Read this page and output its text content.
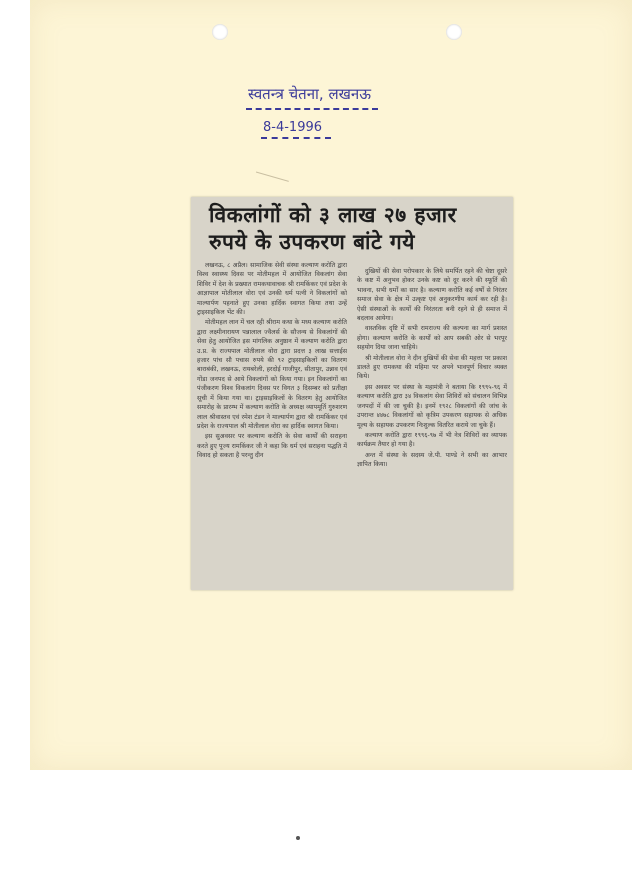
स्वतन्त्र चेतना, लखनऊ
8-4-1996
विकलांगों को ३ लाख २७ हजार
रुपये के उपकरण बांटे गये

लखनऊ, ८ अप्रैल। सामाजिक सेवी संस्था कल्याण करोति द्वारा विश्व स्वास्थ्य दिवस पर मोतीमहल में आयोजित विकलांग सेवा शिविर में देश के प्रख्यात रामकथावाचक श्री रामकिंकर एवं प्रदेश के आज्ञापाल मोतीलाल वोरा एवं उनकी धर्म पत्नी ने विकलांगों को माल्यार्पण पहनाते हुए उनका हार्दिक स्वागत किया तथा उन्हें ट्राइसाइकिल भेंट की।

मोतीमहल लान में चल रही श्रीराम कथा के मध्य कल्याण करोति द्वारा लक्ष्मीनारायण पन्नालाल ज्वैलर्स के सौजन्य से विकलांगों की सेवा हेतु आयोजित इस मांगलिक अनुष्ठान में कल्याण करोति द्वारा उ.प्र. के राज्यपाल मोतीलाल वोरा द्वारा प्रदत्त ३ लाख सत्ताईस हजार पांच सौ पचास रुपये की ९२ ट्राइसाइकिलों का वितरण बाराबंकी, लखनऊ, रायबरेली, हरदोई गाजीपुर, सीतापुर, उन्नाव एवं गोंडा जनपद से आये विकलांगों को किया गया। इन विकलांगों का पंजीकरण विश्व विकलांग दिवस पर विगत ३ दिसम्बर को प्रतीक्षा सूची में किया गया था। ट्राइसाइकिलों के वितरण हेतु आयोजित समारोह के प्रारम्भ में कल्याण करोति के अध्यक्ष व्यापमूर्ति गुरुशरण लाल श्रीवास्तव एवं रमेश टंडन ने माल्यार्पण द्वारा श्री रामकिंकर एवं प्रदेश के राज्यपाल श्री मोतीलाल वोरा का हार्दिक स्वागत किया।

इस सुअवसर पर कल्याण करोति के सेवा कार्यों की सराहना करते हुए पूज्य रामकिंकर जी ने कहा कि धर्म एवं सराहना पद्धति में विवाद हो सकता है परन्तु दीन

दुखियों की सेवा परोपकार के लिये समर्पित रहने की चेष्टा दूसरे के कष्ट में अनुभव होकर उनके कष्ट को दूर करने की स्फूर्ति की भावना, सभी धर्मों का सार है। कल्याण करोति कई वर्षों से निरंतर समाज सेवा के क्षेत्र में उत्कृष्ट एवं अनुकरणीय कार्य कर रही है। ऐसी संस्थाओं के कार्यों की निरंतरता बनी रहने से ही समाज में बदलाव आयेगा।

वास्तविक दृष्टि में सभी रामराज्य की कल्पना का मार्ग प्रशस्त होगा। कल्याण करोति के कार्यों को आप सबकी ओर से भरपूर सहयोग दिया जाना चाहिये।

श्री मोतीलाल वोरा ने दीन दुखियों की सेवा की महत्ता पर प्रकाश डालते हुए रामकथा की महिमा पर अपने भावपूर्ण विचार व्यक्त किये।

इस अवसर पर संस्था के महामंत्री ने बताया कि १९९५-९६ में कल्याण करोति द्वारा ३४ विकलांग सेवा शिविरों को संचालन विभिन्न जनपदों में की जा चुकी है। इनमें १९२८ विकलांगों की जांच के उपरान्त ४४७८ विकलांगों को कृत्रिम उपकरण सहायक से अधिक मूल्य के सहायक उपकरण निःशुल्क वितरित कराये जा चुके हैं।

कल्याण करोति द्वारा १९९६-९७ में भी नेत्र शिविरों का व्यापक कार्यक्रम तैयार हो गया है।

अन्त में संस्था के सदस्य जे.पी. पाण्डे ने सभी का आभार ज्ञापित किया।
